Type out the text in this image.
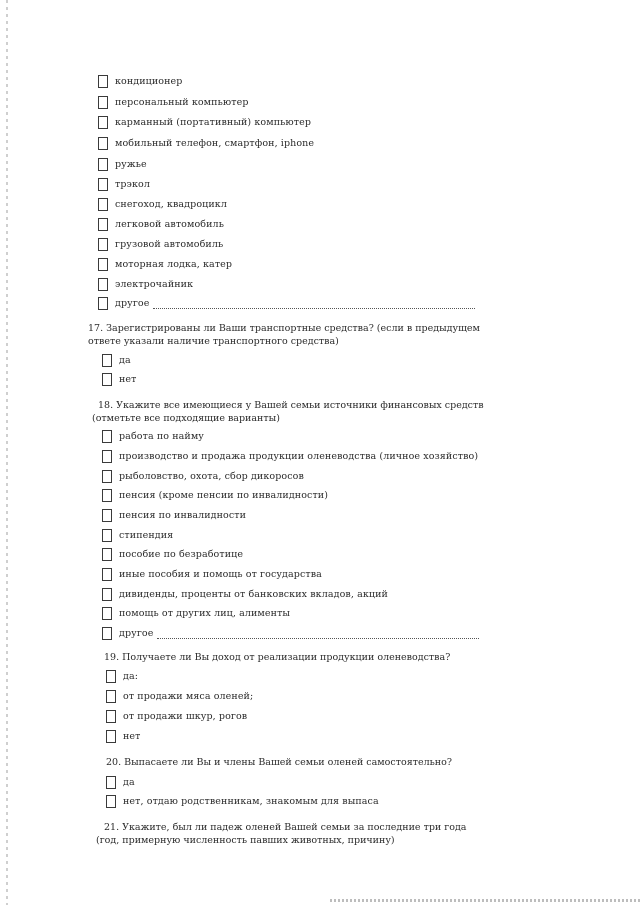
кондиционер
персональный компьютер
карманный (портативный) компьютер
мобильный телефон, смартфон, iphone
ружье
трэкол
снегоход, квадроцикл
легковой автомобиль
грузовой автомобиль
моторная лодка, катер
электрочайник
другое
17. Зарегистрированы ли Ваши транспортные средства? (если в предыдущем
ответе указали наличие транспортного средства)
да
нет
18. Укажите все имеющиеся у Вашей семьи источники финансовых средств
(отметьте все подходящие варианты)
работа по найму
производство и продажа продукции оленеводства (личное хозяйство)
рыболовство, охота, сбор дикоросов
пенсия (кроме пенсии по инвалидности)
пенсия по инвалидности
стипендия
пособие по безработице
иные пособия и помощь от государства
дивиденды, проценты от банковских вкладов, акций
помощь от других лиц, алименты
другое
19. Получаете ли Вы доход от реализации продукции оленеводства?
да:
от продажи мяса оленей;
от продажи шкур, рогов
нет
20. Выпасаете ли Вы и члены Вашей семьи оленей самостоятельно?
да
нет, отдаю родственникам, знакомым для выпаса
21. Укажите, был ли падеж оленей Вашей семьи за последние три года
(год, примерную численность павших животных, причину)
